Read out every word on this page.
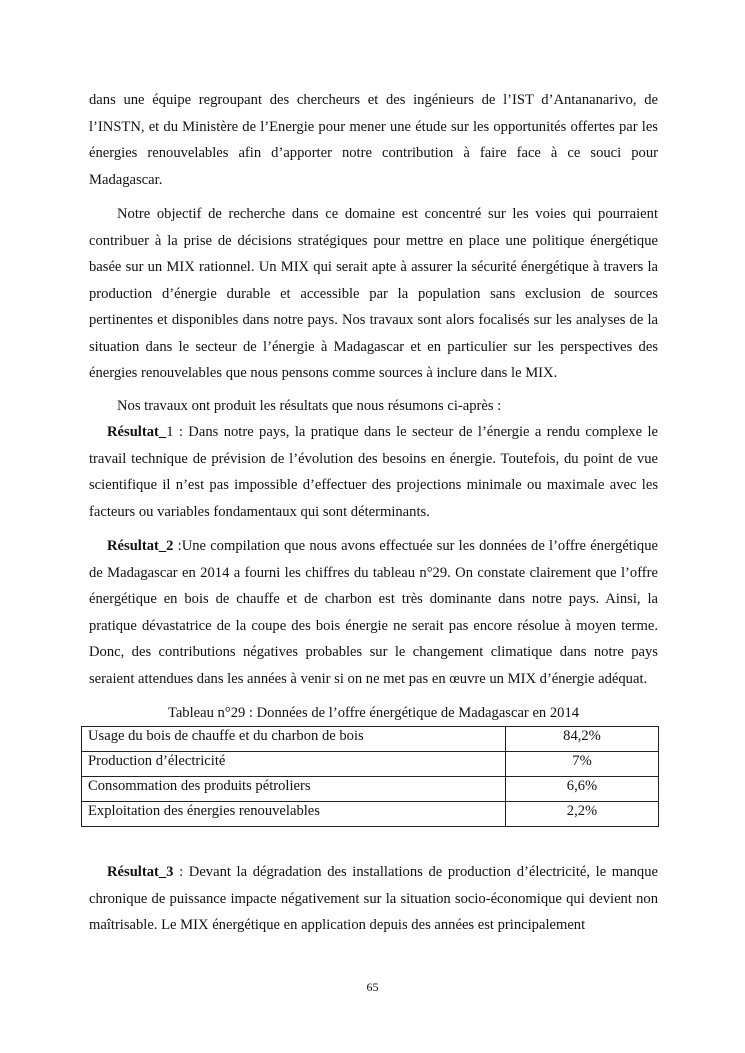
dans une équipe regroupant des chercheurs et des ingénieurs de l’IST d’Antananarivo, de l’INSTN, et du Ministère de l’Energie pour mener une étude sur les opportunités offertes par les énergies renouvelables afin d’apporter notre contribution à faire face à ce souci pour Madagascar.

Notre objectif de recherche dans ce domaine est concentré sur les voies qui pourraient contribuer à la prise de décisions stratégiques pour mettre en place une politique énergétique basée sur un MIX rationnel. Un MIX qui serait apte à assurer la sécurité énergétique à travers la production d’énergie durable et accessible par la population sans exclusion de sources pertinentes et disponibles dans notre pays. Nos travaux sont alors focalisés sur les analyses de la situation dans le secteur de l’énergie à Madagascar et en particulier sur les perspectives des énergies renouvelables que nous pensons comme sources à inclure dans le MIX.

Nos travaux ont produit les résultats que nous résumons ci-après :

Résultat_1 : Dans notre pays, la pratique dans le secteur de l’énergie a rendu complexe le travail technique de prévision de l’évolution des besoins en énergie. Toutefois, du point de vue scientifique il n’est pas impossible d’effectuer des projections minimale ou maximale avec les facteurs ou variables fondamentaux qui sont déterminants.

Résultat_2 :Une compilation que nous avons effectuée sur les données de l’offre énergétique de Madagascar en 2014 a fourni les chiffres du tableau n°29. On constate clairement que l’offre énergétique en bois de chauffe et de charbon est très dominante dans notre pays. Ainsi, la pratique dévastatrice de la coupe des bois énergie ne serait pas encore résolue à moyen terme. Donc, des contributions négatives probables sur le changement climatique dans notre pays seraient attendues dans les années à venir si on ne met pas en œuvre un MIX d’énergie adéquat.

Tableau n°29 : Données de l’offre énergétique de Madagascar en 2014
Usage du bois de chauffe et du charbon de bois	84,2%
Production d’électricité	7%
Consommation des produits pétroliers	6,6%
Exploitation des énergies renouvelables	2,2%

Résultat_3 : Devant la dégradation des installations de production d’électricité, le manque chronique de puissance impacte négativement sur la situation socio-économique qui devient non maîtrisable. Le MIX énergétique en application depuis des années est principalement

65
